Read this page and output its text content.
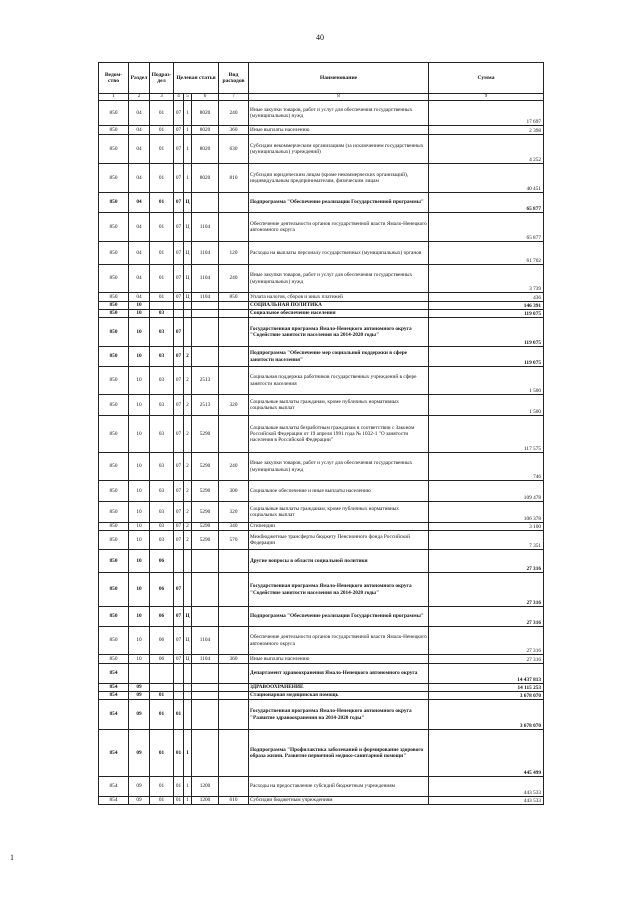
40
1
Ведом-ство	Раздел	Подраз-дел	Целевая статья			Вид расходов	Наименование	Сумма
1	2	3	4	5	6	7	8	9
850	04	01	07	1	8020	240	Иные закупки товаров, работ и услуг для обеспечения государственных (муниципальных) нужд	17 697
850	04	01	07	1	8020	360	Иные выплаты населению	2 398
850	04	01	07	1	8020	630	Субсидии некоммерческим организациям (за исключением государственных (муниципальных) учреждений)	4 252
850	04	01	07	1	8020	810	Субсидии юридическим лицам (кроме некоммерческих организаций), индивидуальным предпринимателям, физическим лицам	40 451
850	04	01	07	Ц			Подпрограмма "Обеспечение реализации Государственной программы"	65 877
850	04	01	07	Ц	1104		Обеспечение деятельности органов государственной власти Ямало-Ненецкого автономного округа	65 877
850	04	01	07	Ц	1104	120	Расходы на выплаты персоналу государственных (муниципальных) органов	61 702
850	04	01	07	Ц	1104	240	Иные закупки товаров, работ и услуг для обеспечения государственных (муниципальных) нужд	3 739
850	04	01	07	Ц	1104	850	Уплата налогов, сборов и иных платежей	436
850	10						СОЦИАЛЬНАЯ ПОЛИТИКА	146 391
850	10	03					Социальное обеспечение населения	119 075
850	10	03	07				Государственная программа Ямало-Ненецкого автономного округа "Содействие занятости населения на 2014-2020 годы"	119 075
850	10	03	07	2			Подпрограмма "Обеспечение мер социальной поддержки в сфере занятости населения"	119 075
850	10	03	07	2	2513		Социальная поддержка работников государственных учреждений в сфере занятости населения	1 500
850	10	03	07	2	2513	320	Социальные выплаты гражданам, кроме публичных нормативных социальных выплат	1 500
850	10	03	07	2	5290		Социальные выплаты безработным гражданам в соответствии с Законом Российской Федерации от 19 апреля 1991 года № 1032-1 "О занятости населения в Российской Федерации"	117 575
850	10	03	07	2	5290	240	Иные закупки товаров, работ и услуг для обеспечения государственных (муниципальных) нужд	746
850	10	03	07	2	5290	300	Социальное обеспечение и иные выплаты населению	109 478
850	10	03	07	2	5290	320	Социальные выплаты гражданам, кроме публичных нормативных социальных выплат	106 378
850	10	03	07	2	5290	340	Стипендии	3 100
850	10	03	07	2	5290	570	Межбюджетные трансферты бюджету Пенсионного фонда Российской Федерации	7 351
850	10	06					Другие вопросы в области социальной политики	27 316
850	10	06	07				Государственная программа Ямало-Ненецкого автономного округа "Содействие занятости населения на 2014-2020 годы"	27 316
850	10	06	07	Ц			Подпрограмма "Обеспечение реализации Государственной программы"	27 316
850	10	06	07	Ц	1104		Обеспечение деятельности органов государственной власти Ямало-Ненецкого автономного округа	27 316
850	10	06	07	Ц	1104	360	Иные выплаты населению	27 316
854							Департамент здравоохранения Ямало-Ненецкого автономного округа	14 437 813
854	09						ЗДРАВООХРАНЕНИЕ	14 115 253
854	09	01					Стационарная медицинская помощь	3 678 070
854	09	01	01				Государственная программа Ямало-Ненецкого автономного округа "Развитие здравоохранения на 2014-2020 годы"	3 678 070
854	09	01	01	I			Подпрограмма "Профилактика заболеваний и формирование здорового образа жизни. Развитие первичной медико-санитарной помощи"	445 499
854	09	01	01	1	1200		Расходы на предоставление субсидий бюджетным учреждениям	443 533
854	09	01	01	1	1200	610	Субсидии бюджетным учреждениям	443 533
